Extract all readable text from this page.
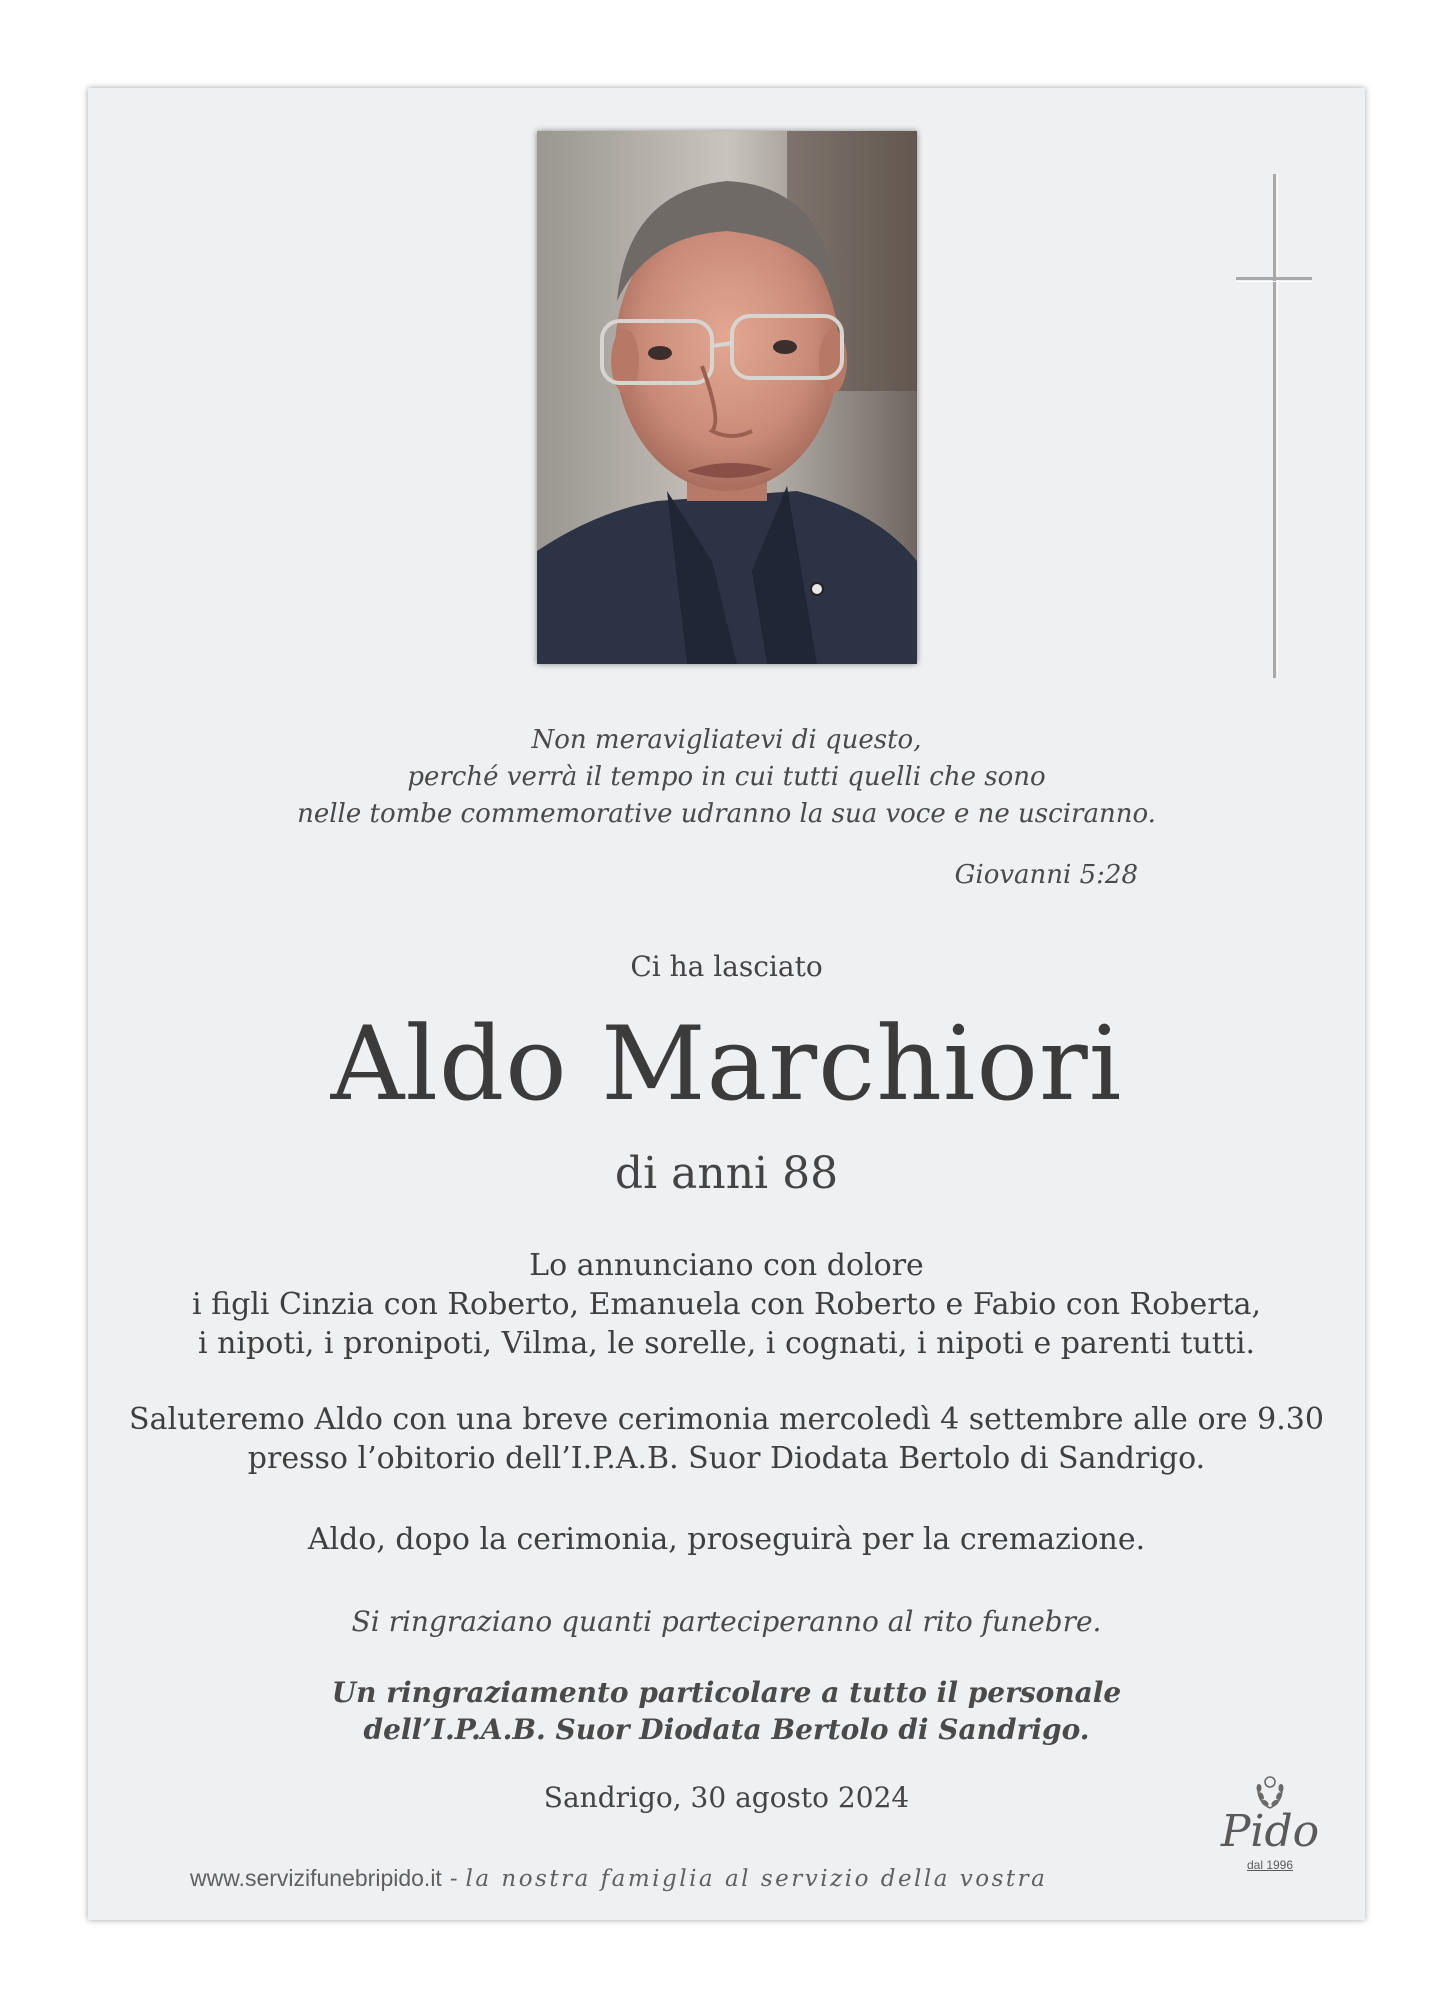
Non meravigliatevi di questo,
perché verrà il tempo in cui tutti quelli che sono
nelle tombe commemorative udranno la sua voce e ne usciranno.
Giovanni 5:28
Ci ha lasciato
Aldo Marchiori
di anni 88
Lo annunciano con dolore
i figli Cinzia con Roberto, Emanuela con Roberto e Fabio con Roberta,
i nipoti, i pronipoti, Vilma, le sorelle, i cognati, i nipoti e parenti tutti.
Saluteremo Aldo con una breve cerimonia mercoledì 4 settembre alle ore 9.30
presso l’obitorio dell’I.P.A.B. Suor Diodata Bertolo di Sandrigo.
Aldo, dopo la cerimonia, proseguirà per la cremazione.
Si ringraziano quanti parteciperanno al rito funebre.
Un ringraziamento particolare a tutto il personale
dell’I.P.A.B. Suor Diodata Bertolo di Sandrigo.
Sandrigo, 30 agosto 2024
www.servizifunebripido.it - la nostra famiglia al servizio della vostra
Pido
dal 1996
